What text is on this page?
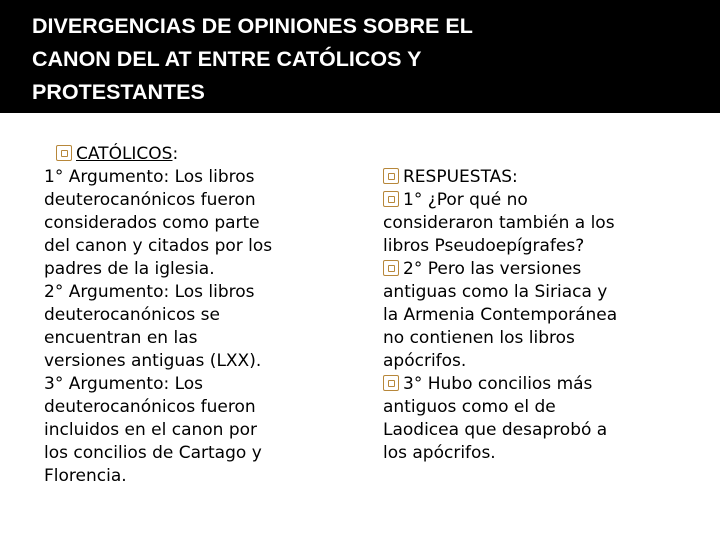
DIVERGENCIAS DE OPINIONES SOBRE EL
CANON DEL AT ENTRE CATÓLICOS Y
PROTESTANTES
CATÓLICOS:
1° Argumento: Los libros
deuterocanónicos fueron
considerados como parte
del canon y citados por los
padres de la iglesia.
2° Argumento: Los libros
deuterocanónicos se
encuentran en las
versiones antiguas (LXX).
3° Argumento: Los
deuterocanónicos fueron
incluidos en el canon por
los concilios de Cartago y
Florencia.
RESPUESTAS:
1° ¿Por qué no
consideraron también a los
libros Pseudoepígrafes?
2° Pero las versiones
antiguas como la Siriaca y
la Armenia Contemporánea
no contienen los libros
apócrifos.
3° Hubo concilios más
antiguos como el de
Laodicea que desaprobó a
los apócrifos.
